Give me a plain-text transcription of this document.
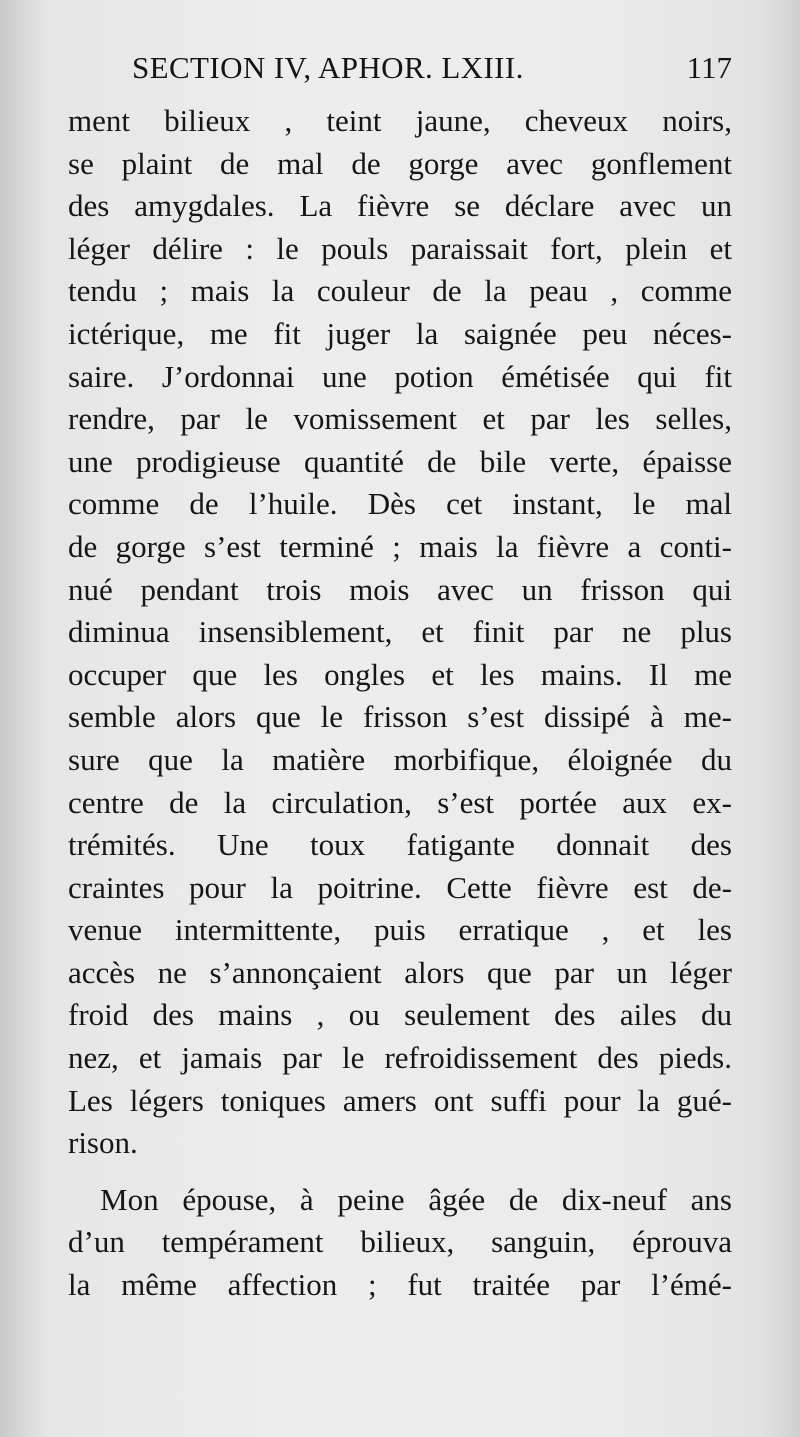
SECTION IV, APHOR. LXIII.	117
ment bilieux , teint jaune, cheveux noirs,
se plaint de mal de gorge avec gonflement
des amygdales. La fièvre se déclare avec un
léger délire : le pouls paraissait fort, plein et
tendu ; mais la couleur de la peau , comme
ictérique, me fit juger la saignée peu néces-
saire. J’ordonnai une potion émétisée qui fit
rendre, par le vomissement et par les selles,
une prodigieuse quantité de bile verte, épaisse
comme de l’huile. Dès cet instant, le mal
de gorge s’est terminé ; mais la fièvre a conti-
nué pendant trois mois avec un frisson qui
diminua insensiblement, et finit par ne plus
occuper que les ongles et les mains. Il me
semble alors que le frisson s’est dissipé à me-
sure que la matière morbifique, éloignée du
centre de la circulation, s’est portée aux ex-
trémités. Une toux fatigante donnait des
craintes pour la poitrine. Cette fièvre est de-
venue intermittente, puis erratique , et les
accès ne s’annonçaient alors que par un léger
froid des mains , ou seulement des ailes du
nez, et jamais par le refroidissement des pieds.
Les légers toniques amers ont suffi pour la gué-
rison.
Mon épouse, à peine âgée de dix-neuf ans
d’un tempérament bilieux, sanguin, éprouva
la même affection ; fut traitée par l’émé-
